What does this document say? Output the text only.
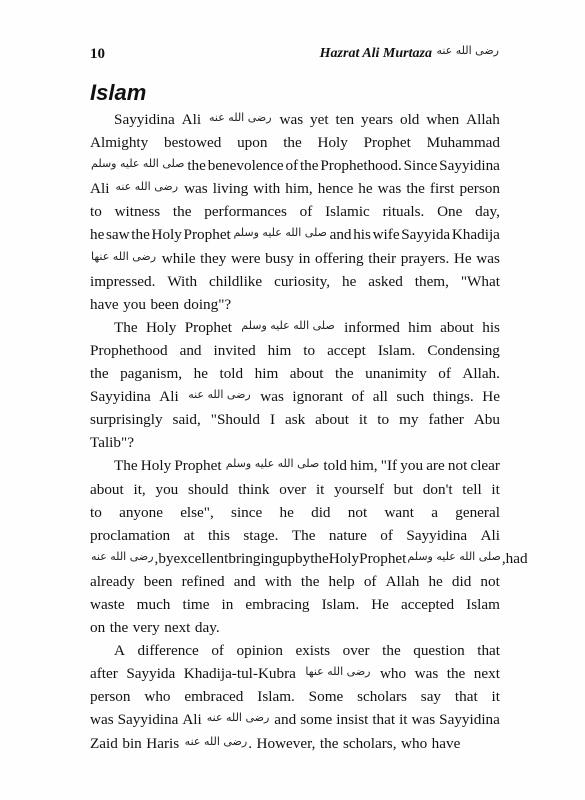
10	Hazrat Ali Murtaza رضی الله عنه
Islam
Sayyidina Ali رضی الله عنه was yet ten years old when Allah
Almighty bestowed upon the Holy Prophet Muhammad
صلی الله علیه وسلم the benevolence of the Prophethood. Since Sayyidina
Ali رضی الله عنه was living with him, hence he was the first person
to witness the performances of Islamic rituals. One day,
he saw the Holy Prophet صلی الله علیه وسلم and his wife Sayyida Khadija
رضی الله عنها while they were busy in offering their prayers. He was
impressed. With childlike curiosity, he asked them, "What
have you been doing"?
The Holy Prophet صلی الله علیه وسلم informed him about his
Prophethood and invited him to accept Islam. Condensing
the paganism, he told him about the unanimity of Allah.
Sayyidina Ali رضی الله عنه was ignorant of all such things. He
surprisingly said, "Should I ask about it to my father Abu
Talib"?
The Holy Prophet صلی الله علیه وسلم told him, "If you are not clear
about it, you should think over it yourself but don't tell it
to anyone else", since he did not want a general
proclamation at this stage. The nature of Sayyidina Ali
رضی الله عنه, by excellent bringing up by the Holy Prophet صلی الله علیه وسلم, had
already been refined and with the help of Allah he did not
waste much time in embracing Islam. He accepted Islam
on the very next day.
A difference of opinion exists over the question that
after Sayyida Khadija-tul-Kubra رضی الله عنها who was the next
person who embraced Islam. Some scholars say that it
was Sayyidina Ali رضی الله عنه and some insist that it was Sayyidina
Zaid bin Haris رضی الله عنه. However, the scholars, who have
